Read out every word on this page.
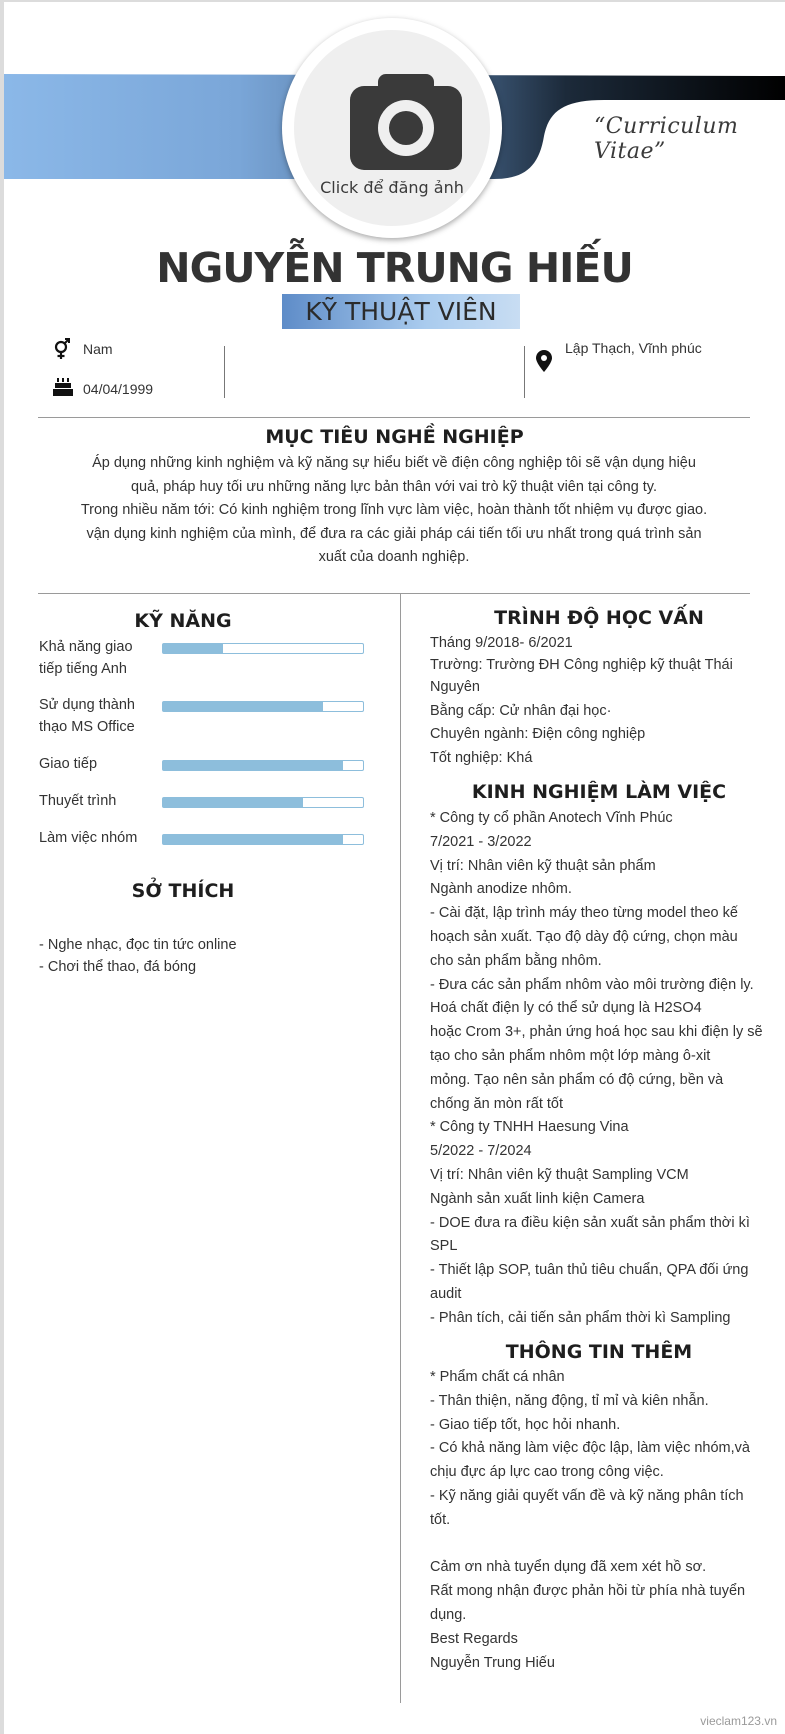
“Curriculum Vitae”
Click để đăng ảnh
NGUYỄN TRUNG HIẾU
KỸ THUẬT VIÊN
Nam
04/04/1999
Lập Thạch, Vĩnh phúc
MỤC TIÊU NGHỀ NGHIỆP
Áp dụng những kinh nghiệm và kỹ năng sự hiểu biết về điện công nghiệp tôi sẽ vận dụng hiệu
quả, pháp huy tối ưu những năng lực bản thân với vai trò kỹ thuật viên tại công ty.
Trong nhiều năm tới: Có kinh nghiệm trong lĩnh vực làm việc, hoàn thành tốt nhiệm vụ được giao.
vận dụng kinh nghiệm của mình, để đưa ra các giải pháp cái tiến tối ưu nhất trong quá trình sản
xuất của doanh nghiệp.
KỸ NĂNG
Khả năng giao
tiếp tiếng Anh
Sử dụng thành
thạo MS Office
Giao tiếp
Thuyết trình
Làm việc nhóm
SỞ THÍCH
- Nghe nhạc, đọc tin tức online
- Chơi thể thao, đá bóng
TRÌNH ĐỘ HỌC VẤN
Tháng 9/2018- 6/2021
Trường: Trường ĐH Công nghiệp kỹ thuật Thái
Nguyên
Bằng cấp: Cử nhân đại học·
Chuyên ngành: Điện công nghiệp
Tốt nghiệp: Khá
KINH NGHIỆM LÀM VIỆC
* Công ty cổ phần Anotech Vĩnh Phúc
7/2021 - 3/2022
Vị trí: Nhân viên kỹ thuật sản phẩm
Ngành anodize nhôm.
- Cài đặt, lập trình máy theo từng model theo kế
hoạch sản xuất. Tạo độ dày độ cứng, chọn màu
cho sản phẩm bằng nhôm.
- Đưa các sản phẩm nhôm vào môi trường điện ly.
Hoá chất điện ly có thể sử dụng là H2SO4
hoặc Crom 3+, phản ứng hoá học sau khi điện ly sẽ
tạo cho sản phẩm nhôm một lớp màng ô-xit
mỏng. Tạo nên sản phẩm có độ cứng, bền và
chống ăn mòn rất tốt
* Công ty TNHH Haesung Vina
5/2022 - 7/2024
Vị trí: Nhân viên kỹ thuật Sampling VCM
Ngành sản xuất linh kiện Camera
- DOE đưa ra điều kiện sản xuất sản phẩm thời kì
SPL
- Thiết lập SOP, tuân thủ tiêu chuẩn, QPA đối ứng
audit
- Phân tích, cải tiến sản phẩm thời kì Sampling
THÔNG TIN THÊM
* Phẩm chất cá nhân
- Thân thiện, năng động, tỉ mỉ và kiên nhẫn.
- Giao tiếp tốt, học hỏi nhanh.
- Có khả năng làm việc độc lập, làm việc nhóm,và
chịu đực áp lực cao trong công việc.
- Kỹ năng giải quyết vấn đề và kỹ năng phân tích
tốt.
Cảm ơn nhà tuyển dụng đã xem xét hồ sơ.
Rất mong nhận được phản hồi từ phía nhà tuyển
dụng.
Best Regards
Nguyễn Trung Hiếu
vieclam123.vn
